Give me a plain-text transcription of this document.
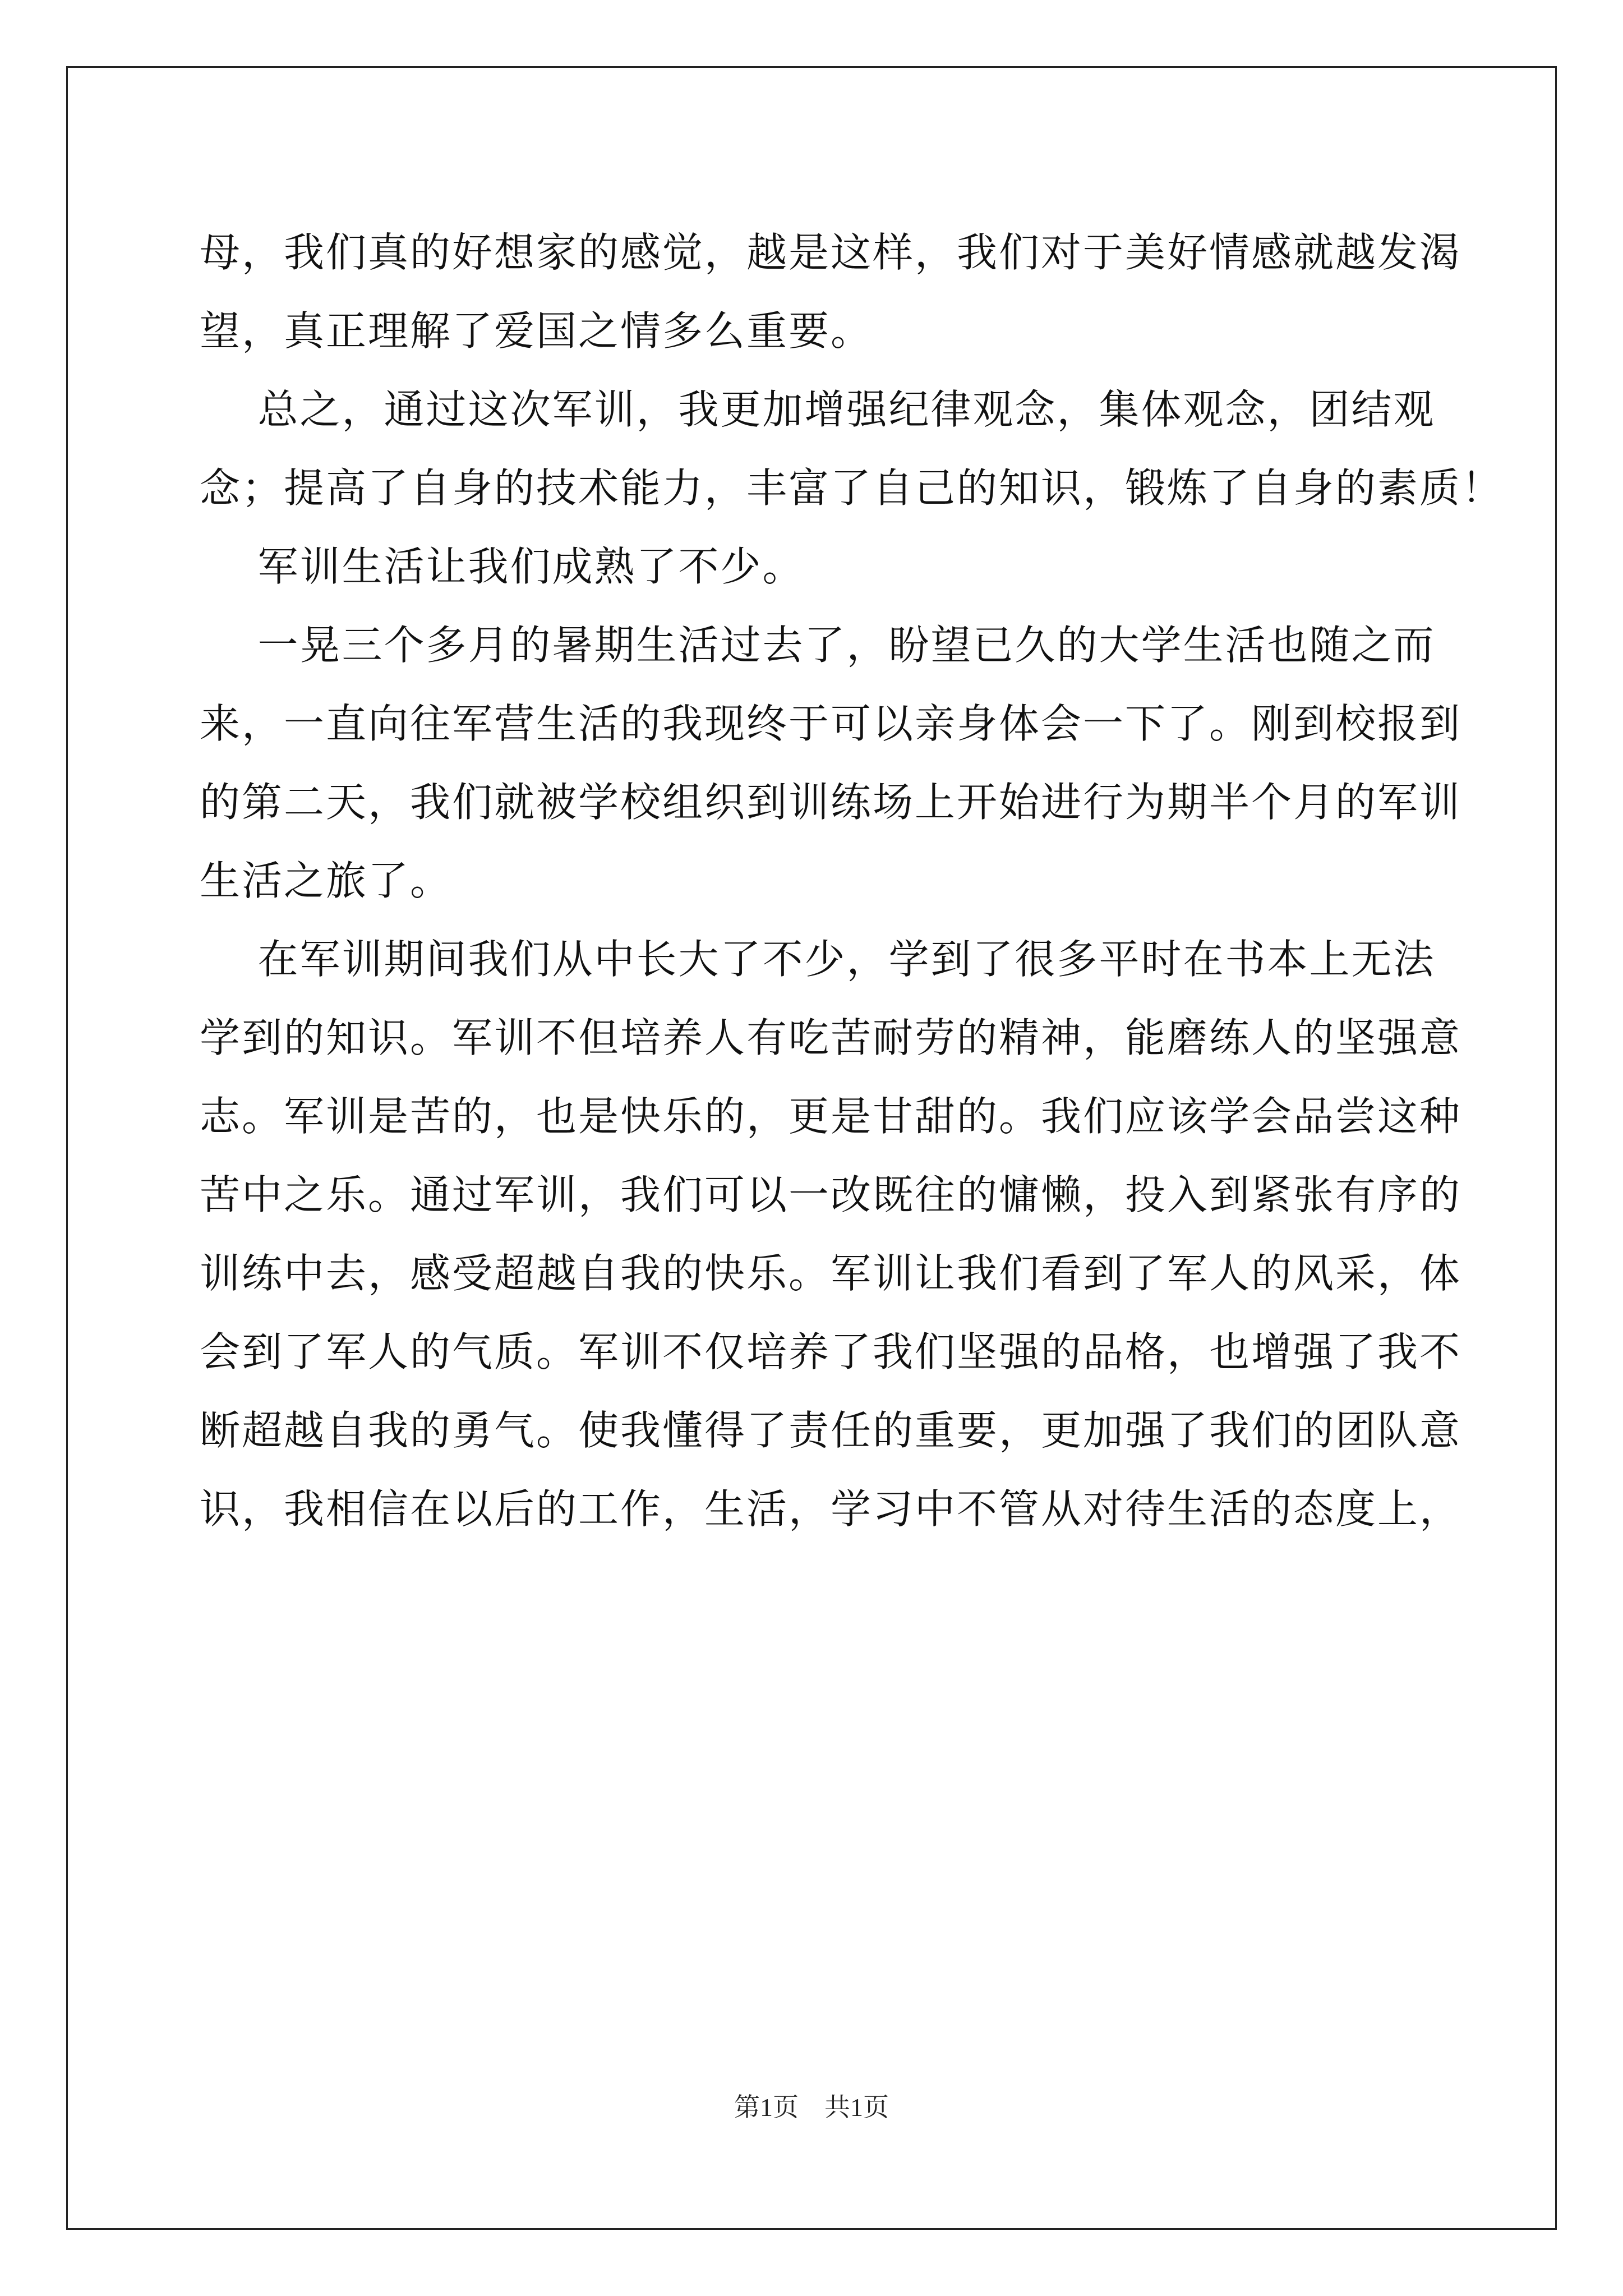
母，我们真的好想家的感觉，越是这样，我们对于美好情感就越发渴
望，真正理解了爱国之情多么重要。
总之，通过这次军训，我更加增强纪律观念，集体观念，团结观
念；提高了自身的技术能力，丰富了自己的知识，锻炼了自身的素质！
军训生活让我们成熟了不少。
一晃三个多月的暑期生活过去了，盼望已久的大学生活也随之而
来，一直向往军营生活的我现终于可以亲身体会一下了。刚到校报到
的第二天，我们就被学校组织到训练场上开始进行为期半个月的军训
生活之旅了。
在军训期间我们从中长大了不少，学到了很多平时在书本上无法
学到的知识。军训不但培养人有吃苦耐劳的精神，能磨练人的坚强意
志。军训是苦的，也是快乐的，更是甘甜的。我们应该学会品尝这种
苦中之乐。通过军训，我们可以一改既往的慵懒，投入到紧张有序的
训练中去，感受超越自我的快乐。军训让我们看到了军人的风采，体
会到了军人的气质。军训不仅培养了我们坚强的品格，也增强了我不
断超越自我的勇气。使我懂得了责任的重要，更加强了我们的团队意
识，我相信在以后的工作，生活，学习中不管从对待生活的态度上，
第1页　共1页
